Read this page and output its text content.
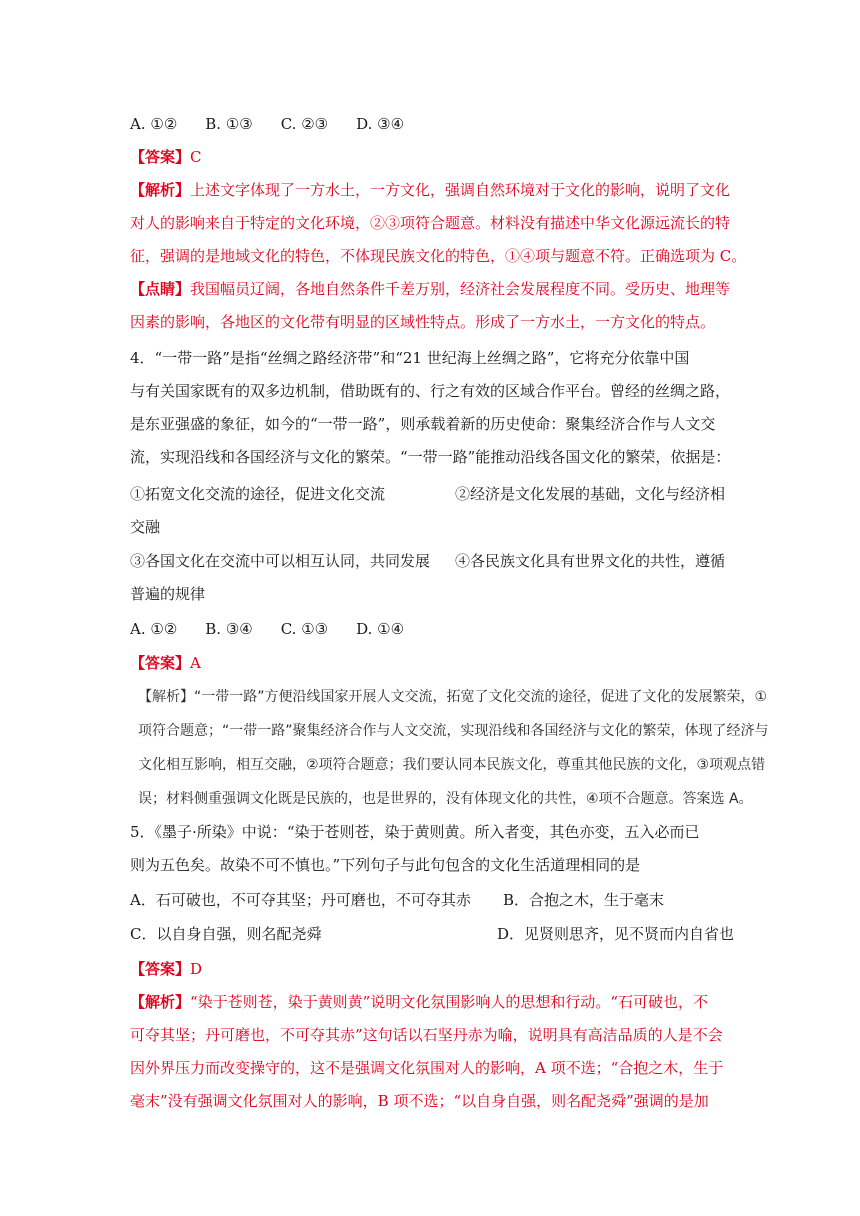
A. ①② B. ①③ C. ②③ D. ③④
【答案】C
【解析】上述文字体现了一方水土，一方文化，强调自然环境对于文化的影响，说明了文化
对人的影响来自于特定的文化环境，②③项符合题意。材料没有描述中华文化源远流长的特
征，强调的是地域文化的特色，不体现民族文化的特色，①④项与题意不符。正确选项为 C。
【点睛】我国幅员辽阔，各地自然条件千差万别，经济社会发展程度不同。受历史、地理等
因素的影响，各地区的文化带有明显的区域性特点。形成了一方水土，一方文化的特点。
4．“一带一路”是指“丝绸之路经济带”和“21 世纪海上丝绸之路”，它将充分依靠中国
与有关国家既有的双多边机制，借助既有的、行之有效的区域合作平台。曾经的丝绸之路，
是东亚强盛的象征，如今的“一带一路”，则承载着新的历史使命：聚集经济合作与人文交
流，实现沿线和各国经济与文化的繁荣。“一带一路”能推动沿线各国文化的繁荣，依据是：
①拓宽文化交流的途径，促进文化交流	②经济是文化发展的基础，文化与经济相
交融
③各国文化在交流中可以相互认同，共同发展 ④各民族文化具有世界文化的共性，遵循
普遍的规律
A. ①② B. ③④ C. ①③ D. ①④
【答案】A
【解析】“一带一路”方便沿线国家开展人文交流，拓宽了文化交流的途径，促进了文化的发展繁荣，①
项符合题意；“一带一路”聚集经济合作与人文交流，实现沿线和各国经济与文化的繁荣，体现了经济与
文化相互影响，相互交融，②项符合题意；我们要认同本民族文化，尊重其他民族的文化，③项观点错
误；材料侧重强调文化既是民族的，也是世界的，没有体现文化的共性，④项不合题意。答案选 A。
5．《墨子·所染》中说：“染于苍则苍，染于黄则黄。所入者变，其色亦变，五入必而已
则为五色矣。故染不可不慎也。”下列句子与此句包含的文化生活道理相同的是
A．石可破也，不可夺其坚；丹可磨也，不可夺其赤 B．合抱之木，生于毫末
C．以自身自强，则名配尧舜	D．见贤则思齐，见不贤而内自省也
【答案】D
【解析】“染于苍则苍，染于黄则黄”说明文化氛围影响人的思想和行动。“石可破也，不
可夺其坚；丹可磨也，不可夺其赤”这句话以石坚丹赤为喻，说明具有高洁品质的人是不会
因外界压力而改变操守的，这不是强调文化氛围对人的影响，A 项不选；“合抱之木，生于
毫末”没有强调文化氛围对人的影响，B 项不选；“以自身自强，则名配尧舜”强调的是加
